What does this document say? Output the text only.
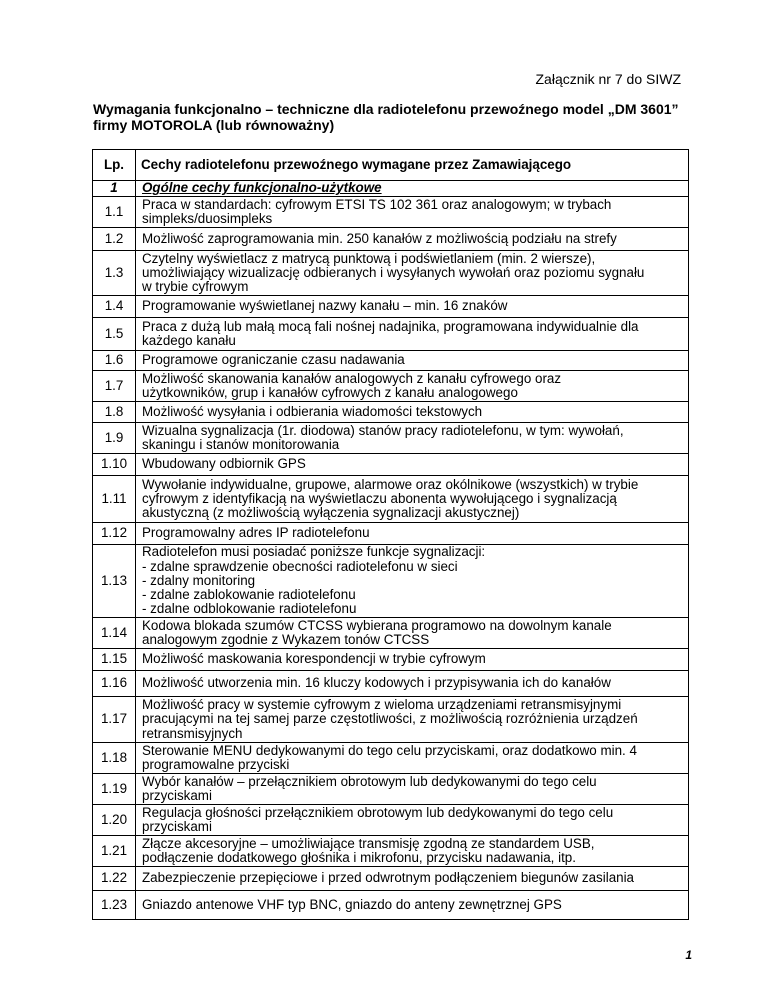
Załącznik nr 7 do SIWZ
Wymagania funkcjonalno – techniczne dla radiotelefonu przewoźnego model „DM 3601”
firmy MOTOROLA (lub równoważny)
Lp.	Cechy radiotelefonu przewoźnego wymagane przez Zamawiającego
1	Ogólne cechy funkcjonalno-użytkowe

1.1	Praca w standardach: cyfrowym ETSI TS 102 361 oraz analogowym; w trybach
simpleks/duosimpleks

1.2	Możliwość zaprogramowania min. 250 kanałów z możliwością podziału na strefy

1.3	Czytelny wyświetlacz z matrycą punktową i podświetlaniem (min. 2 wiersze),
umożliwiający wizualizację odbieranych i wysyłanych wywołań oraz poziomu sygnału
w trybie cyfrowym

1.4	Programowanie wyświetlanej nazwy kanału – min. 16 znaków

1.5	Praca z dużą lub małą mocą fali nośnej nadajnika, programowana indywidualnie dla
każdego kanału

1.6	Programowe ograniczanie czasu nadawania

1.7	Możliwość skanowania kanałów analogowych z kanału cyfrowego oraz
użytkowników, grup i kanałów cyfrowych z kanału analogowego

1.8	Możliwość wysyłania i odbierania wiadomości tekstowych

1.9	Wizualna sygnalizacja (1r. diodowa) stanów pracy radiotelefonu, w tym: wywołań,
skaningu i stanów monitorowania

1.10	Wbudowany odbiornik GPS

1.11	Wywołanie indywidualne, grupowe, alarmowe oraz okólnikowe (wszystkich) w trybie
cyfrowym z identyfikacją na wyświetlaczu abonenta wywołującego i sygnalizacją
akustyczną (z możliwością wyłączenia sygnalizacji akustycznej)

1.12	Programowalny adres IP radiotelefonu

1.13	Radiotelefon musi posiadać poniższe funkcje sygnalizacji:
- zdalne sprawdzenie obecności radiotelefonu w sieci
- zdalny monitoring
- zdalne zablokowanie radiotelefonu
- zdalne odblokowanie radiotelefonu

1.14	Kodowa blokada szumów CTCSS wybierana programowo na dowolnym kanale
analogowym zgodnie z Wykazem tonów CTCSS

1.15	Możliwość maskowania korespondencji w trybie cyfrowym

1.16	Możliwość utworzenia min. 16 kluczy kodowych i przypisywania ich do kanałów

1.17	Możliwość pracy w systemie cyfrowym z wieloma urządzeniami retransmisyjnymi
pracującymi na tej samej parze częstotliwości, z możliwością rozróżnienia urządzeń
retransmisyjnych

1.18	Sterowanie MENU dedykowanymi do tego celu przyciskami, oraz dodatkowo min. 4
programowalne przyciski

1.19	Wybór kanałów – przełącznikiem obrotowym lub dedykowanymi do tego celu
przyciskami

1.20	Regulacja głośności przełącznikiem obrotowym lub dedykowanymi do tego celu
przyciskami

1.21	Złącze akcesoryjne – umożliwiające transmisję zgodną ze standardem USB,
podłączenie dodatkowego głośnika i mikrofonu, przycisku nadawania, itp.

1.22	Zabezpieczenie przepięciowe i przed odwrotnym podłączeniem biegunów zasilania

1.23	Gniazdo antenowe VHF typ BNC, gniazdo do anteny zewnętrznej GPS
1
